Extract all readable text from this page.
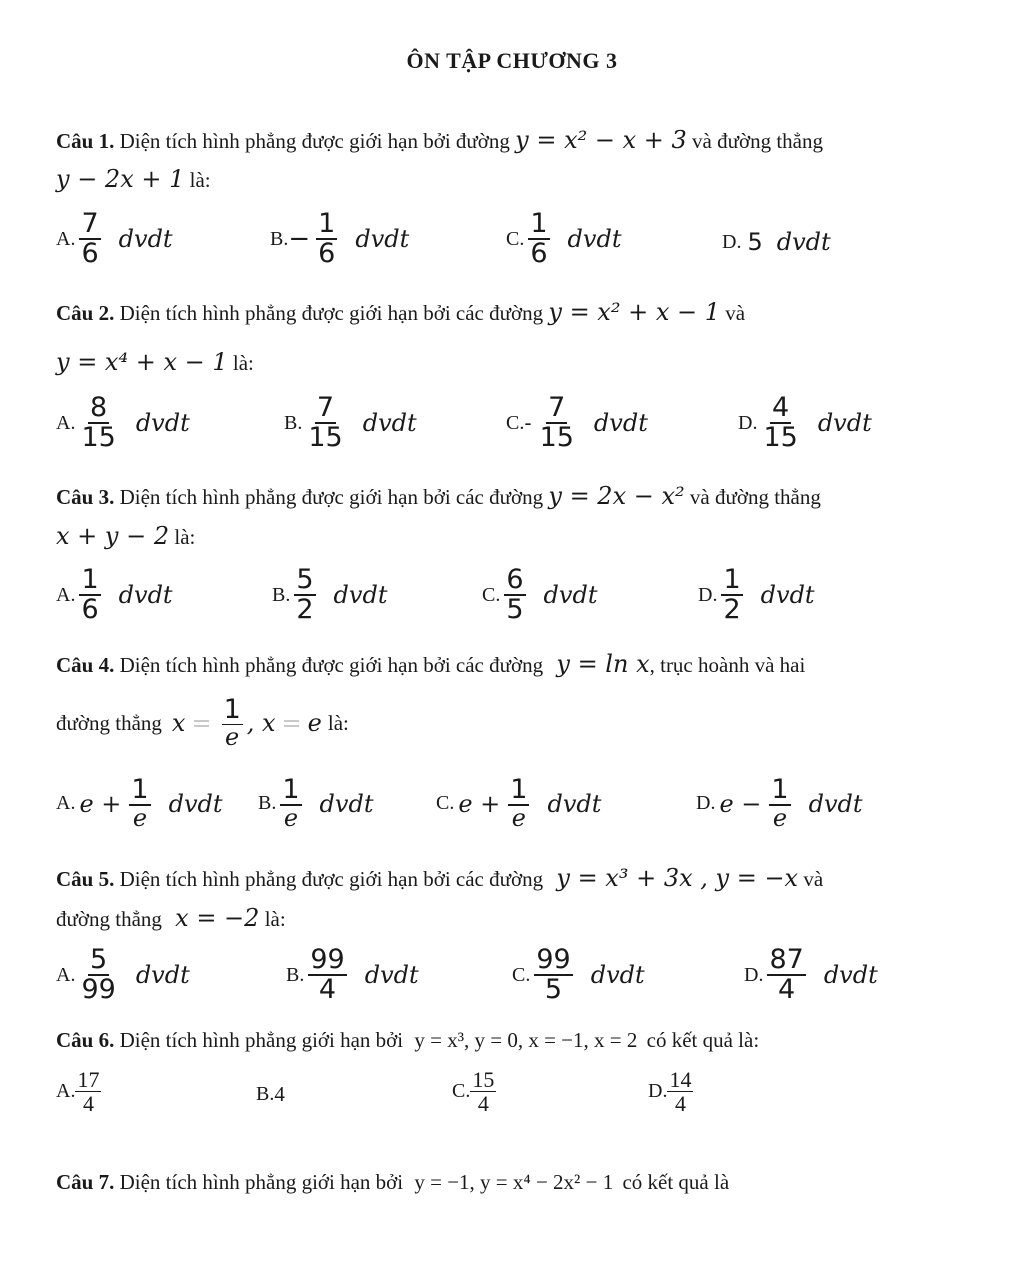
ÔN TẬP CHƯƠNG 3
Câu 1. Diện tích hình phẳng được giới hạn bởi đường y = x² − x + 3 và đường thẳng
y − 2x + 1 là:
A. $\frac{7}{6}$ dvdt	B. − $\frac{1}{6}$ dvdt	C. $\frac{1}{6}$ dvdt	D. 5 dvdt
Câu 2. Diện tích hình phẳng được giới hạn bởi các đường y = x² + x − 1 và
y = x⁴ + x − 1 là:
A. $\frac{8}{15}$ dvdt	B. $\frac{7}{15}$ dvdt	C. - $\frac{7}{15}$ dvdt	D. $\frac{4}{15}$ dvdt
Câu 3. Diện tích hình phẳng được giới hạn bởi các đường y = 2x − x² và đường thẳng
x + y − 2 là:
A. $\frac{1}{6}$ dvdt	B. $\frac{5}{2}$ dvdt	C. $\frac{6}{5}$ dvdt	D. $\frac{1}{2}$ dvdt
Câu 4. Diện tích hình phẳng được giới hạn bởi các đường y = ln x, trục hoành và hai
đường thẳng $x = \frac{1}{e}$ , x = e là:
A. $e + \frac{1}{e}$ dvdt B. $\frac{1}{e}$ dvdt	C. $e + \frac{1}{e}$ dvdt	D. $e - \frac{1}{e}$ dvdt
Câu 5. Diện tích hình phẳng được giới hạn bởi các đường y = x³ + 3x , y = −x và
đường thẳng x = −2 là:
A. $\frac{5}{99}$ dvdt	B. $\frac{99}{4}$ dvdt	C. $\frac{99}{5}$ dvdt	D. $\frac{87}{4}$ dvdt
Câu 6. Diện tích hình phẳng giới hạn bởi y = x³, y = 0, x = −1, x = 2 có kết quả là:
A. $\frac{17}{4}$	B. 4	C. $\frac{15}{4}$	D. $\frac{14}{4}$
Câu 7. Diện tích hình phẳng giới hạn bởi y = −1, y = x⁴ − 2x² − 1 có kết quả là
